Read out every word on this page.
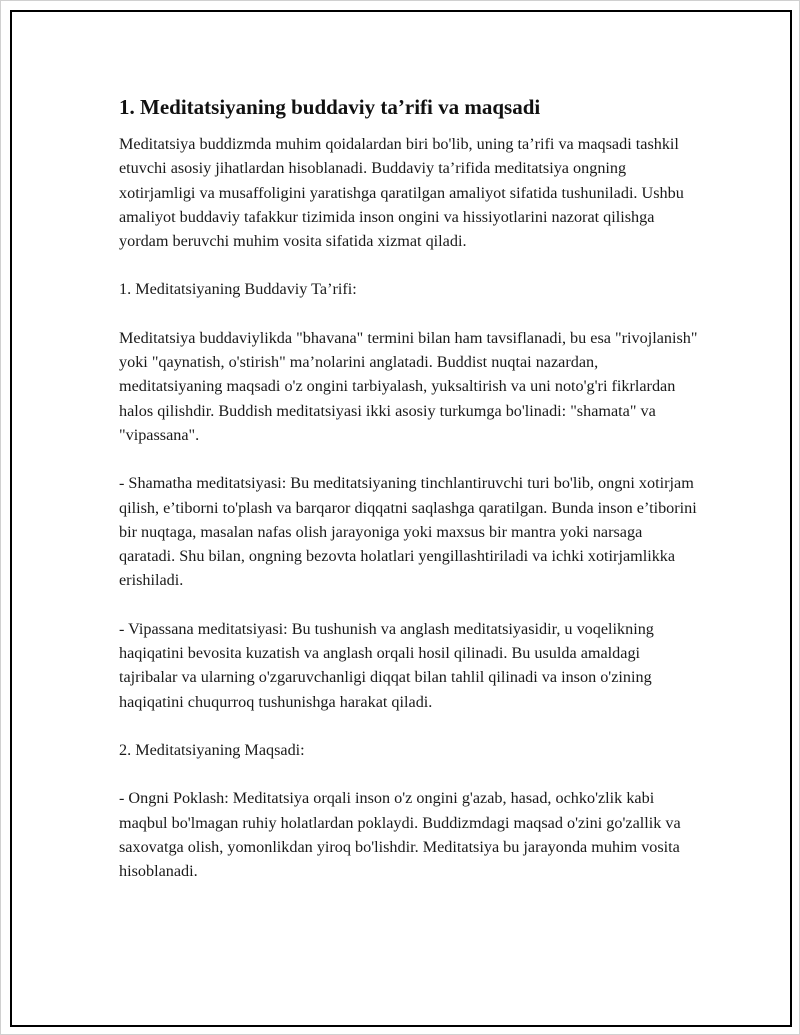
1. Meditatsiyaning buddaviy ta’rifi va maqsadi

Meditatsiya buddizmda muhim qoidalardan biri bo'lib, uning ta’rifi va maqsadi tashkil etuvchi asosiy jihatlardan hisoblanadi. Buddaviy ta’rifida meditatsiya ongning xotirjamligi va musaffoligini yaratishga qaratilgan amaliyot sifatida tushuniladi. Ushbu amaliyot buddaviy tafakkur tizimida inson ongini va hissiyotlarini nazorat qilishga yordam beruvchi muhim vosita sifatida xizmat qiladi.

1. Meditatsiyaning Buddaviy Ta’rifi:

Meditatsiya buddaviylikda "bhavana" termini bilan ham tavsiflanadi, bu esa "rivojlanish" yoki "qaynatish, o'stirish" ma’nolarini anglatadi. Buddist nuqtai nazardan, meditatsiyaning maqsadi o'z ongini tarbiyalash, yuksaltirish va uni noto'g'ri fikrlardan halos qilishdir. Buddish meditatsiyasi ikki asosiy turkumga bo'linadi: "shamata" va "vipassana".

- Shamatha meditatsiyasi: Bu meditatsiyaning tinchlantiruvchi turi bo'lib, ongni xotirjam qilish, e’tiborni to'plash va barqaror diqqatni saqlashga qaratilgan. Bunda inson e’tiborini bir nuqtaga, masalan nafas olish jarayoniga yoki maxsus bir mantra yoki narsaga qaratadi. Shu bilan, ongning bezovta holatlari yengillashtiriladi va ichki xotirjamlikka erishiladi.

- Vipassana meditatsiyasi: Bu tushunish va anglash meditatsiyasidir, u voqelikning haqiqatini bevosita kuzatish va anglash orqali hosil qilinadi. Bu usulda amaldagi tajribalar va ularning o'zgaruvchanligi diqqat bilan tahlil qilinadi va inson o'zining haqiqatini chuqurroq tushunishga harakat qiladi.

2. Meditatsiyaning Maqsadi:

- Ongni Poklash: Meditatsiya orqali inson o'z ongini g'azab, hasad, ochko'zlik kabi maqbul bo'lmagan ruhiy holatlardan poklaydi. Buddizmdagi maqsad o'zini go'zallik va saxovatga olish, yomonlikdan yiroq bo'lishdir. Meditatsiya bu jarayonda muhim vosita hisoblanadi.
